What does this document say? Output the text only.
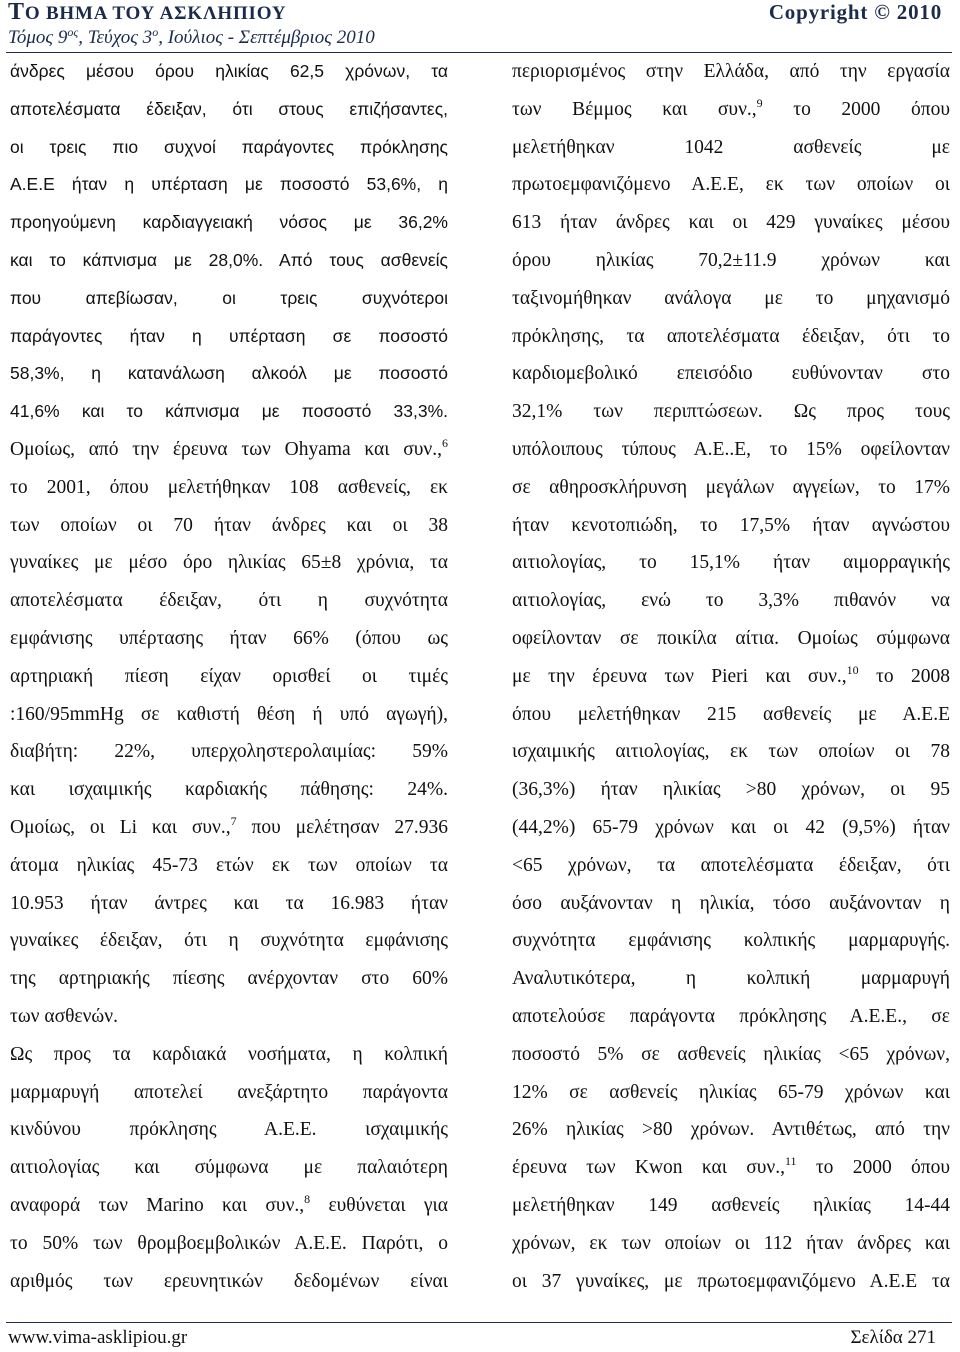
ΤΟ ΒΗΜΑ ΤΟΥ ΑΣΚΛΗΠΙΟΥ
Τόμος $9^{o\varsigma}$, Τεύχος $3^o$, Ιούλιος - Σεπτέμβριος 2010
Copyright © 2010
άνδρες μέσου όρου ηλικίας 62,5 χρόνων, τα
αποτελέσματα έδειξαν, ότι στους επιζήσαντες,
οι τρεις πιο συχνοί παράγοντες πρόκλησης
Α.Ε.Ε ήταν η υπέρταση με ποσοστό 53,6%, η
προηγούμενη καρδιαγγειακή νόσος με 36,2%
και το κάπνισμα με 28,0%. Από τους ασθενείς
που απεβίωσαν, οι τρεις συχνότεροι
παράγοντες ήταν η υπέρταση σε ποσοστό
58,3%, η κατανάλωση αλκοόλ με ποσοστό
41,6% και το κάπνισμα με ποσοστό 33,3%.
Ομοίως, από την έρευνα των Ohyama και συν.,$^6$
το 2001, όπου μελετήθηκαν 108 ασθενείς, εκ
των οποίων οι 70 ήταν άνδρες και οι 38
γυναίκες με μέσο όρο ηλικίας 65±8 χρόνια, τα
αποτελέσματα έδειξαν, ότι η συχνότητα
εμφάνισης υπέρτασης ήταν 66% (όπου ως
αρτηριακή πίεση είχαν ορισθεί οι τιμές
:160/95mmHg σε καθιστή θέση ή υπό αγωγή),
διαβήτη: 22%, υπερχοληστερολαιμίας: 59%
και ισχαιμικής καρδιακής πάθησης: 24%.
Ομοίως, οι Li και συν.,$^7$ που μελέτησαν 27.936
άτομα ηλικίας 45-73 ετών εκ των οποίων τα
10.953 ήταν άντρες και τα 16.983 ήταν
γυναίκες έδειξαν, ότι η συχνότητα εμφάνισης
της αρτηριακής πίεσης ανέρχονταν στο 60%
των ασθενών.
Ως προς τα καρδιακά νοσήματα, η κολπική
μαρμαρυγή αποτελεί ανεξάρτητο παράγοντα
κινδύνου πρόκλησης Α.Ε.Ε. ισχαιμικής
αιτιολογίας και σύμφωνα με παλαιότερη
αναφορά των Marino και συν.,$^8$ ευθύνεται για
το 50% των θρομβοεμβολικών Α.Ε.Ε. Παρότι, ο
αριθμός των ερευνητικών δεδομένων είναι
περιορισμένος στην Ελλάδα, από την εργασία
των Βέμμος και συν.,$^9$ το 2000 όπου
μελετήθηκαν 1042 ασθενείς με
πρωτοεμφανιζόμενο Α.Ε.Ε, εκ των οποίων οι
613 ήταν άνδρες και οι 429 γυναίκες μέσου
όρου ηλικίας 70,2±11.9 χρόνων και
ταξινομήθηκαν ανάλογα με το μηχανισμό
πρόκλησης, τα αποτελέσματα έδειξαν, ότι το
καρδιομεβολικό επεισόδιο ευθύνονταν στο
32,1% των περιπτώσεων. Ως προς τους
υπόλοιπους τύπους Α.Ε..Ε, το 15% οφείλονταν
σε αθηροσκλήρυνση μεγάλων αγγείων, το 17%
ήταν κενοτοπιώδη, το 17,5% ήταν αγνώστου
αιτιολογίας, το 15,1% ήταν αιμορραγικής
αιτιολογίας, ενώ το 3,3% πιθανόν να
οφείλονταν σε ποικίλα αίτια. Ομοίως σύμφωνα
με την έρευνα των Pieri και συν.,$^{10}$ το 2008
όπου μελετήθηκαν 215 ασθενείς με Α.Ε.Ε
ισχαιμικής αιτιολογίας, εκ των οποίων οι 78
(36,3%) ήταν ηλικίας >80 χρόνων, οι 95
(44,2%) 65-79 χρόνων και οι 42 (9,5%) ήταν
<65 χρόνων, τα αποτελέσματα έδειξαν, ότι
όσο αυξάνονταν η ηλικία, τόσο αυξάνονταν η
συχνότητα εμφάνισης κολπικής μαρμαρυγής.
Αναλυτικότερα, η κολπική μαρμαρυγή
αποτελούσε παράγοντα πρόκλησης Α.Ε.Ε., σε
ποσοστό 5% σε ασθενείς ηλικίας <65 χρόνων,
12% σε ασθενείς ηλικίας 65-79 χρόνων και
26% ηλικίας >80 χρόνων. Αντιθέτως, από την
έρευνα των Kwon και συν.,$^{11}$ το 2000 όπου
μελετήθηκαν 149 ασθενείς ηλικίας 14-44
χρόνων, εκ των οποίων οι 112 ήταν άνδρες και
οι 37 γυναίκες, με πρωτοεμφανιζόμενο Α.Ε.Ε τα
www.vima-asklipiou.gr	Σελίδα 271
